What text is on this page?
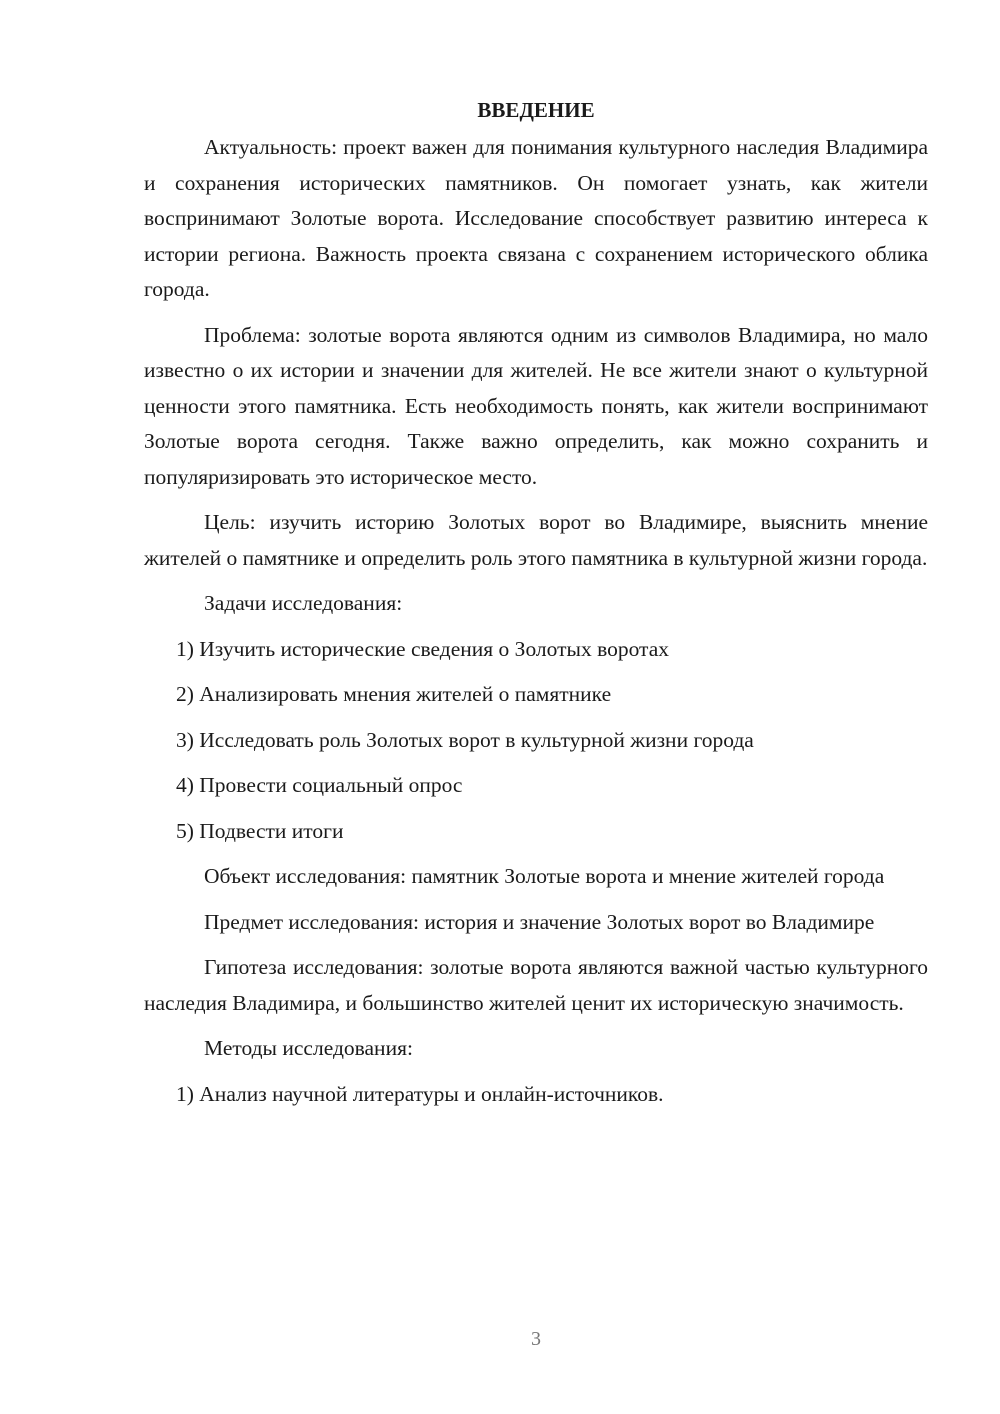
ВВЕДЕНИЕ

Актуальность: проект важен для понимания культурного наследия Владимира и сохранения исторических памятников. Он помогает узнать, как жители воспринимают Золотые ворота. Исследование способствует развитию интереса к истории региона. Важность проекта связана с сохранением исторического облика города.

Проблема: золотые ворота являются одним из символов Владимира, но мало известно о их истории и значении для жителей. Не все жители знают о культурной ценности этого памятника. Есть необходимость понять, как жители воспринимают Золотые ворота сегодня. Также важно определить, как можно сохранить и популяризировать это историческое место.

Цель: изучить историю Золотых ворот во Владимире, выяснить мнение жителей о памятнике и определить роль этого памятника в культурной жизни города.

Задачи исследования:

1) Изучить исторические сведения о Золотых воротах

2) Анализировать мнения жителей о памятнике

3) Исследовать роль Золотых ворот в культурной жизни города

4) Провести социальный опрос

5) Подвести итоги

Объект исследования: памятник Золотые ворота и мнение жителей города

Предмет исследования: история и значение Золотых ворот во Владимире

Гипотеза исследования: золотые ворота являются важной частью культурного наследия Владимира, и большинство жителей ценит их историческую значимость.

Методы исследования:

1) Анализ научной литературы и онлайн-источников.

3
